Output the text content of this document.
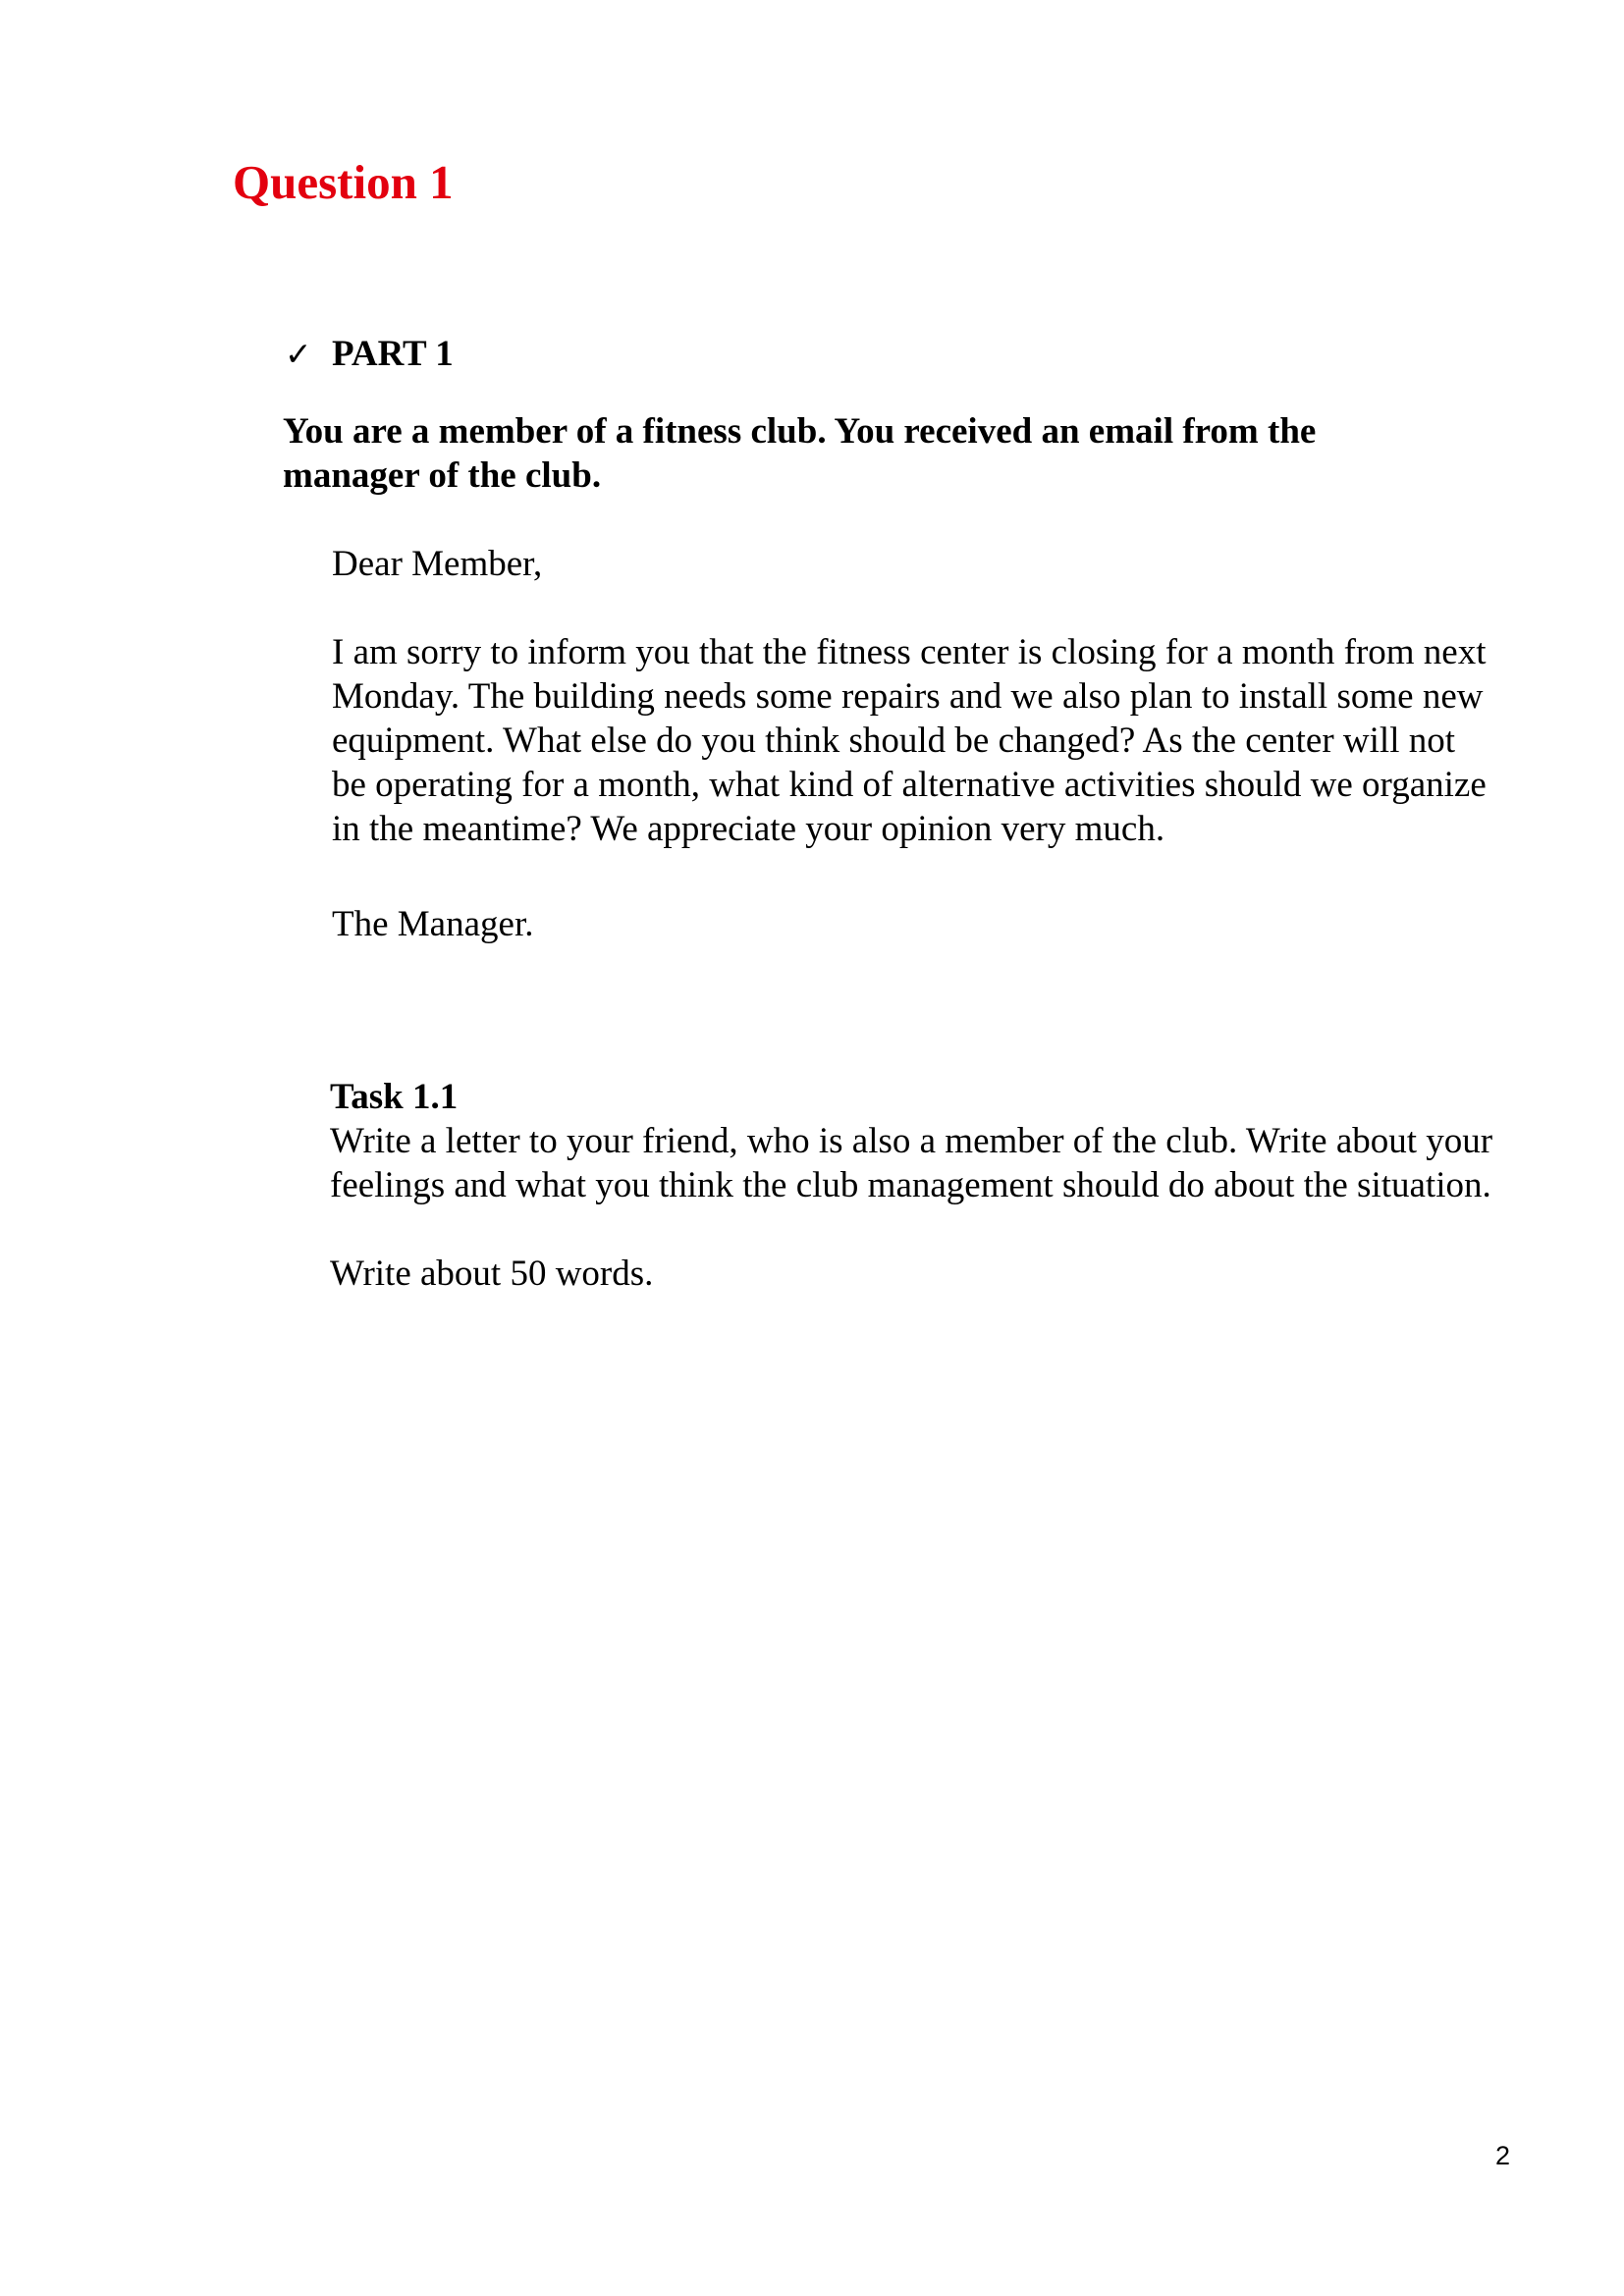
Question 1
✓ PART 1

You are a member of a fitness club. You received an email from the manager of the club.

Dear Member,

I am sorry to inform you that the fitness center is closing for a month from next Monday. The building needs some repairs and we also plan to install some new equipment. What else do you think should be changed? As the center will not be operating for a month, what kind of alternative activities should we organize in the meantime? We appreciate your opinion very much.

The Manager.

Task 1.1

Write a letter to your friend, who is also a member of the club. Write about your feelings and what you think the club management should do about the situation.

Write about 50 words.

2
